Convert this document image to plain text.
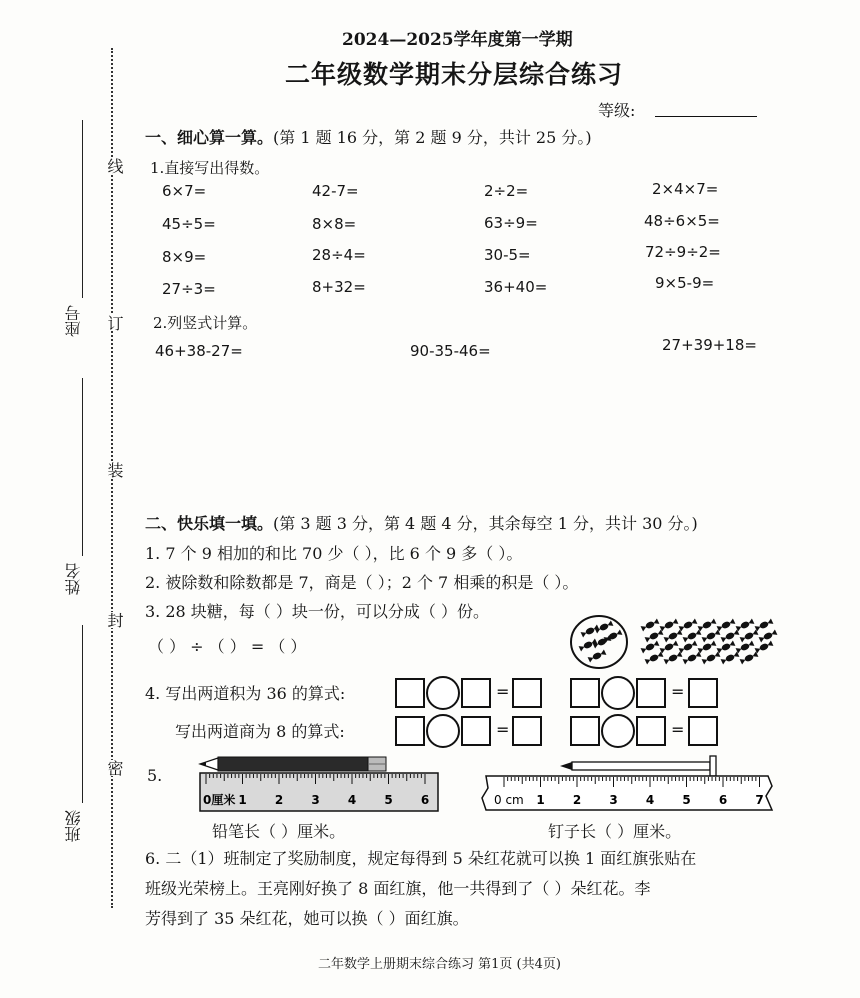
线
订
装
封
密
座号
姓名
班级
2024—2025学年度第一学期
二年级数学期末分层综合练习
等级:
一、细心算一算。(第 1 题 16 分，第 2 题 9 分，共计 25 分。)
1.直接写出得数。
6×7=	42-7=	2÷2=	2×4×7=
45÷5=	8×8=	63÷9=	48÷6×5=
8×9=	28÷4=	30-5=	72÷9÷2=
27÷3=	8+32=	36+40=	9×5-9=
2.列竖式计算。
46+38-27=	90-35-46=	27+39+18=
二、快乐填一填。(第 3 题 3 分，第 4 题 4 分，其余每空 1 分，共计 30 分。)
1. 7 个 9 相加的和比 70 少（ ），比 6 个 9 多（ ）。
2. 被除数和除数都是 7，商是（ ）；2 个 7 相乘的积是（ ）。
3. 28 块糖，每（ ）块一份，可以分成（ ）份。
（ ） ÷ （ ） = （ ）
4. 写出两道积为 36 的算式:
写出两道商为 8 的算式:
=	=
=	=
5.
0厘米 1 2 3 4 5 6
铅笔长（ ）厘米。
0 cm 1 2 3 4 5 6 7
钉子长（ ）厘米。
6. 二（1）班制定了奖励制度，规定每得到 5 朵红花就可以换 1 面红旗张贴在
班级光荣榜上。王亮刚好换了 8 面红旗，他一共得到了（ ）朵红花。李
芳得到了 35 朵红花，她可以换（ ）面红旗。
二年数学上册期末综合练习 第1页 (共4页)
